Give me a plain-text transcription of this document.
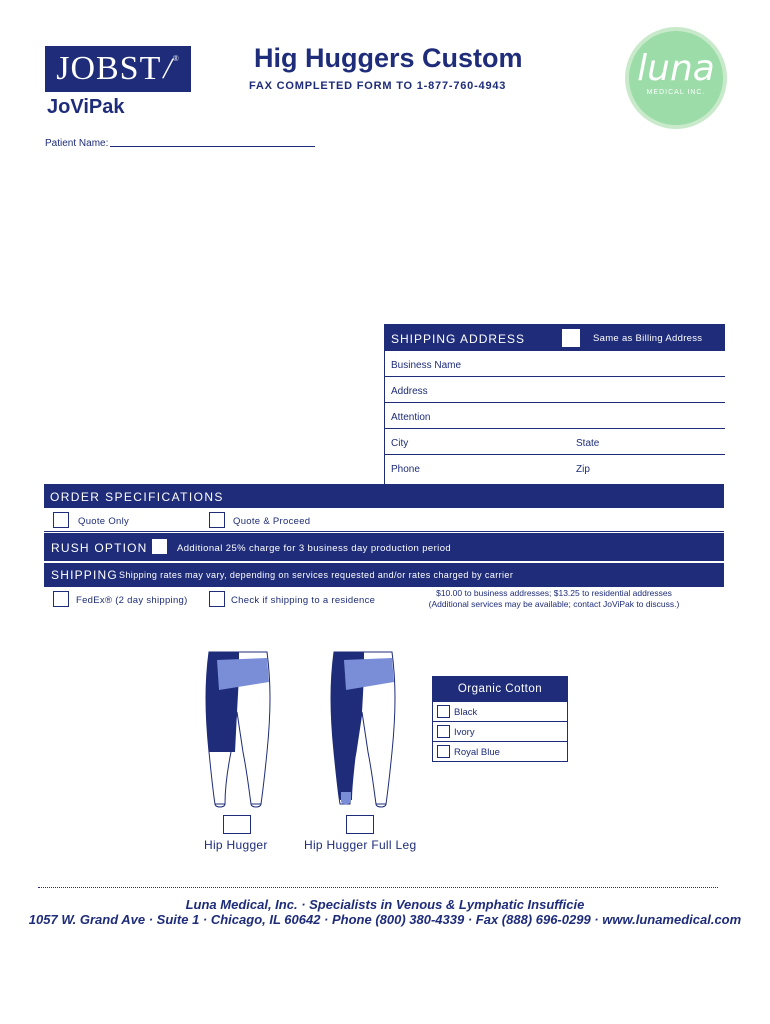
JOBST / ®
JoViPak
Hig Huggers Custom
FAX COMPLETED FORM TO 1-877-760-4943	luna
MEDICAL INC.
Patient Name:
SHIPPING ADDRESS	Same as Billing Address
Business Name
Address
Attention
City	State
Phone	Zip
ORDER SPECIFICATIONS
Quote Only	Quote & Proceed
RUSH OPTION	Additional 25% charge for 3 business day production period
SHIPPING Shipping rates may vary, depending on services requested and/or rates charged by carrier
FedEx® (2 day shipping)	Check if shipping to a residence
$10.00 to business addresses; $13.25 to residential addresses
(Additional services may be available; contact JoViPak to discuss.)
Hip Hugger	Hip Hugger Full Leg
Organic Cotton
Black
Ivory
Royal Blue
Luna Medical, Inc. · Specialists in Venous & Lymphatic Insufficie
1057 W. Grand Ave · Suite 1 · Chicago, IL 60642 · Phone (800) 380-4339 · Fax (888) 696-0299 · www.lunamedical.com
